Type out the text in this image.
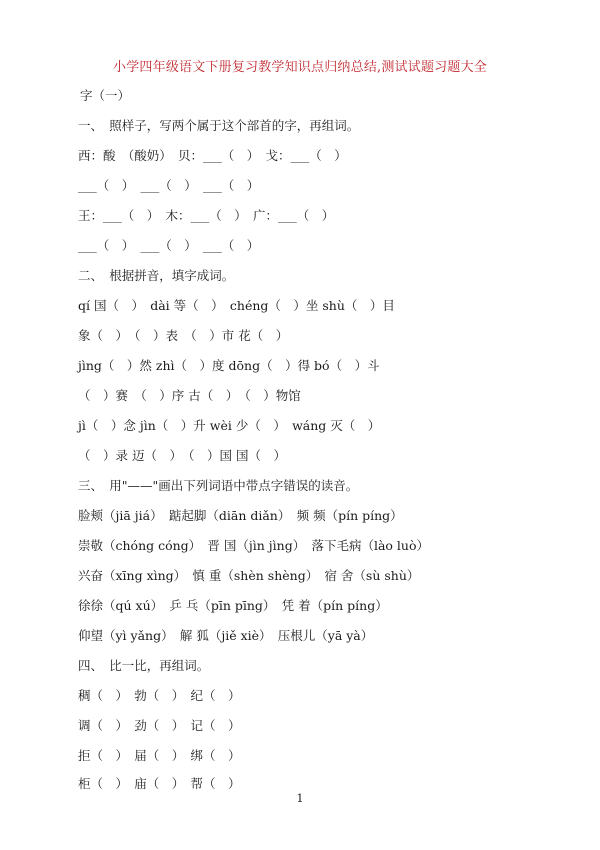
小学四年级语文下册复习教学知识点归纳总结,测试试题习题大全
字（一）
一、　照样子，写两个属于这个部首的字，再组词。
西：酸　（酸奶）　贝：___（　）　戈：___（　）
___（　）　___（　）　___（　）
王：___（　）　木：___（　）　广：___（　）
___（　）　___（　）　___（　）
二、　根据拼音，填字成词。
qí 国（　）　dài 等（　）　chéng（　）坐 shù（　）目
象（　）　（　）表　（　）市 花（　）
jìng（　）然 zhì（　）度 dōng（　）得 bó（　）斗
（　）赛　（　）序 古（　）　（　）物馆
jì（　）念 jìn（　）升 wèi 少（　）　wáng 灭（　）
（　）录 迈（　）　（　）国 国（　）
三、　用"——"画出下列词语中带点字错误的读音。
脸颊（jiā jiá）　踮起脚（diān diǎn）　频 频（pín píng）
崇敬（chóng cóng）　晋 国（jìn jìng）　落下毛病（lào luò）
兴奋（xīng xìng）　慎 重（shèn shèng）　宿 舍（sù shù）
徐徐（qú xú）　乒 乓（pīn pīng）　凭 着（pín píng）
仰望（yì yǎng）　解 狐（jiě xiè）　压根儿（yā yà）
四、　比一比，再组词。
稠（　）　勃（　）　纪（　）
调（　）　劲（　）　记（　）
拒（　）　届（　）　绑（　）
柜（　）　庙（　）　帮（　）
1
